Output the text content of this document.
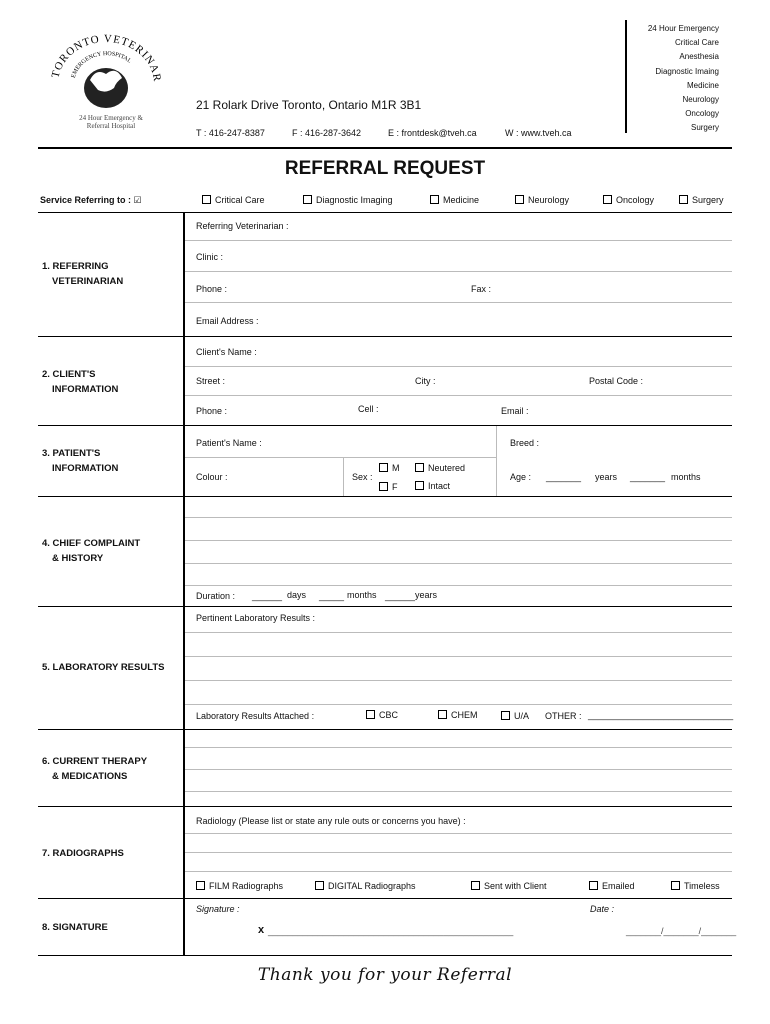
TORONTO VETERINAR
EMERGENCY HOSPITAL
24 Hour Emergency &
Referral Hospital
21 Rolark Drive Toronto, Ontario M1R 3B1
T : 416-247-8387	F : 416-287-3642	E : frontdesk@tveh.ca	W : www.tveh.ca
24 Hour Emergency
Critical Care
Anesthesia
Diagnostic Imaing
Medicine
Neurology
Oncology
Surgery
REFERRAL REQUEST
Service Referring to : ☑	Critical Care	Diagnostic Imaging	Medicine	Neurology	Oncology	Surgery
1. REFERRING
VETERINARIAN
Referring Veterinarian :
Clinic :
Phone :	Fax :
Email Address :
2. CLIENT'S
INFORMATION
Client's Name :
Street :	City :	Postal Code :
Phone :	Cell :	Email :
3. PATIENT'S
INFORMATION
Patient's Name :	Breed :
Colour :	Sex :
M
F
Neutered
Intact
Age : _______ years _______ months
4. CHIEF COMPLAINT
& HISTORY
Duration : ______ days _____ months ______ years
5. LABORATORY RESULTS
Pertinent Laboratory Results :
Laboratory Results Attached :	CBC	CHEM	U/A OTHER : _____________________________
6. CURRENT THERAPY
& MEDICATIONS
7. RADIOGRAPHS
Radiology (Please list or state any rule outs or concerns you have) :
FILM Radiographs	DIGITAL Radiographs	Sent with Client	Emailed	Timeless
8. SIGNATURE
Signature :	Date :
x _________________________________________________	_______/_______/_______
Thank you for your Referral
